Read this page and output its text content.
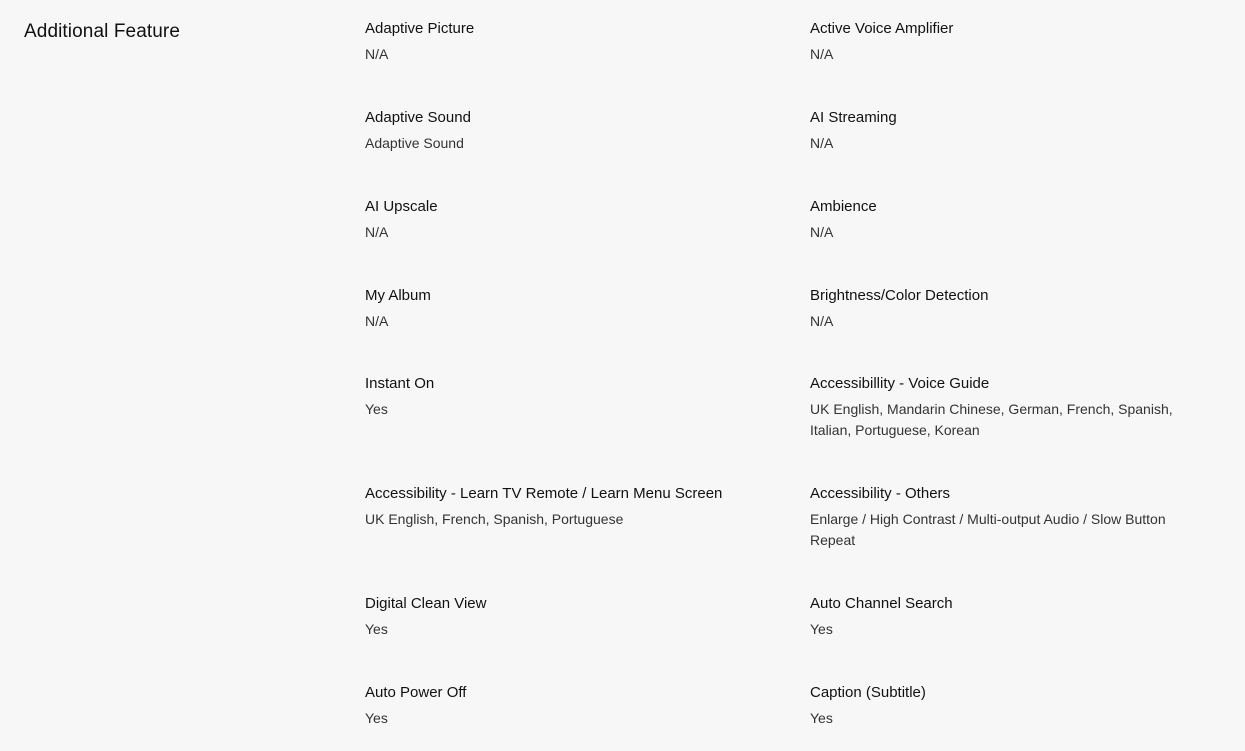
Additional Feature	Adaptive Picture
N/A
Active Voice Amplifier
N/A
Adaptive Sound
Adaptive Sound
AI Streaming
N/A
AI Upscale
N/A
Ambience
N/A
My Album
N/A
Brightness/Color Detection
N/A
Instant On
Yes
Accessibillity - Voice Guide
UK English, Mandarin Chinese, German, French, Spanish, Italian, Portuguese, Korean
Accessibility - Learn TV Remote / Learn Menu Screen
UK English, French, Spanish, Portuguese
Accessibility - Others
Enlarge / High Contrast / Multi-output Audio / Slow Button Repeat
Digital Clean View
Yes
Auto Channel Search
Yes
Auto Power Off
Yes
Caption (Subtitle)
Yes
